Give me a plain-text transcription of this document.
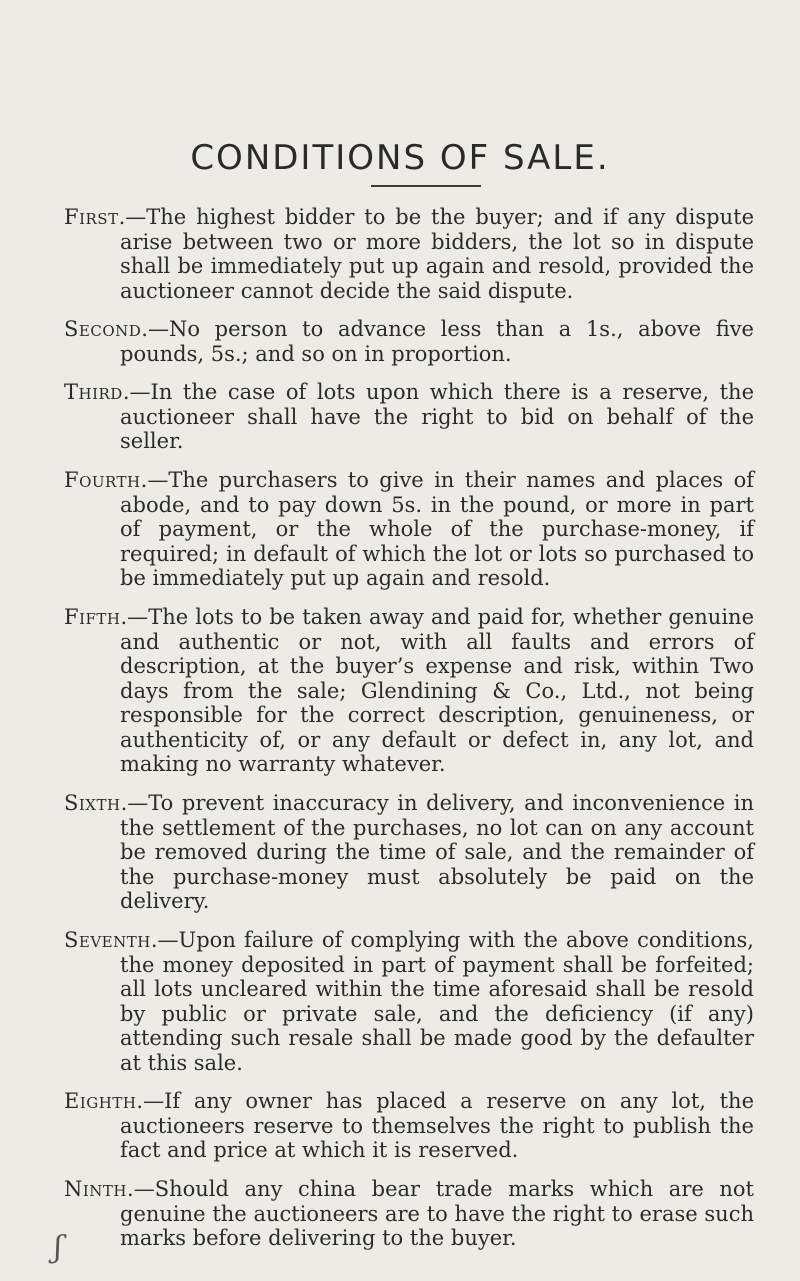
CONDITIONS OF SALE.

First.—The highest bidder to be the buyer; and if any dispute arise between two or more bidders, the lot so in dispute shall be immediately put up again and resold, provided the auctioneer cannot decide the said dispute.

Second.—No person to advance less than a 1s., above five pounds, 5s.; and so on in proportion.

Third.—In the case of lots upon which there is a reserve, the auctioneer shall have the right to bid on behalf of the seller.

Fourth.—The purchasers to give in their names and places of abode, and to pay down 5s. in the pound, or more in part of payment, or the whole of the purchase-money, if required; in default of which the lot or lots so purchased to be immediately put up again and resold.

Fifth.—The lots to be taken away and paid for, whether genuine and authentic or not, with all faults and errors of description, at the buyer’s expense and risk, within Two days from the sale; Glendining & Co., Ltd., not being responsible for the correct description, genuineness, or authenticity of, or any default or defect in, any lot, and making no warranty whatever.

Sixth.—To prevent inaccuracy in delivery, and inconvenience in the settlement of the purchases, no lot can on any account be removed during the time of sale, and the remainder of the purchase-money must absolutely be paid on the delivery.

Seventh.—Upon failure of complying with the above conditions, the money deposited in part of payment shall be forfeited; all lots uncleared within the time aforesaid shall be resold by public or private sale, and the deficiency (if any) attending such resale shall be made good by the defaulter at this sale.

Eighth.—If any owner has placed a reserve on any lot, the auctioneers reserve to themselves the right to publish the fact and price at which it is reserved.

Ninth.—Should any china bear trade marks which are not genuine the auctioneers are to have the right to erase such marks before delivering to the buyer.

ʃ
